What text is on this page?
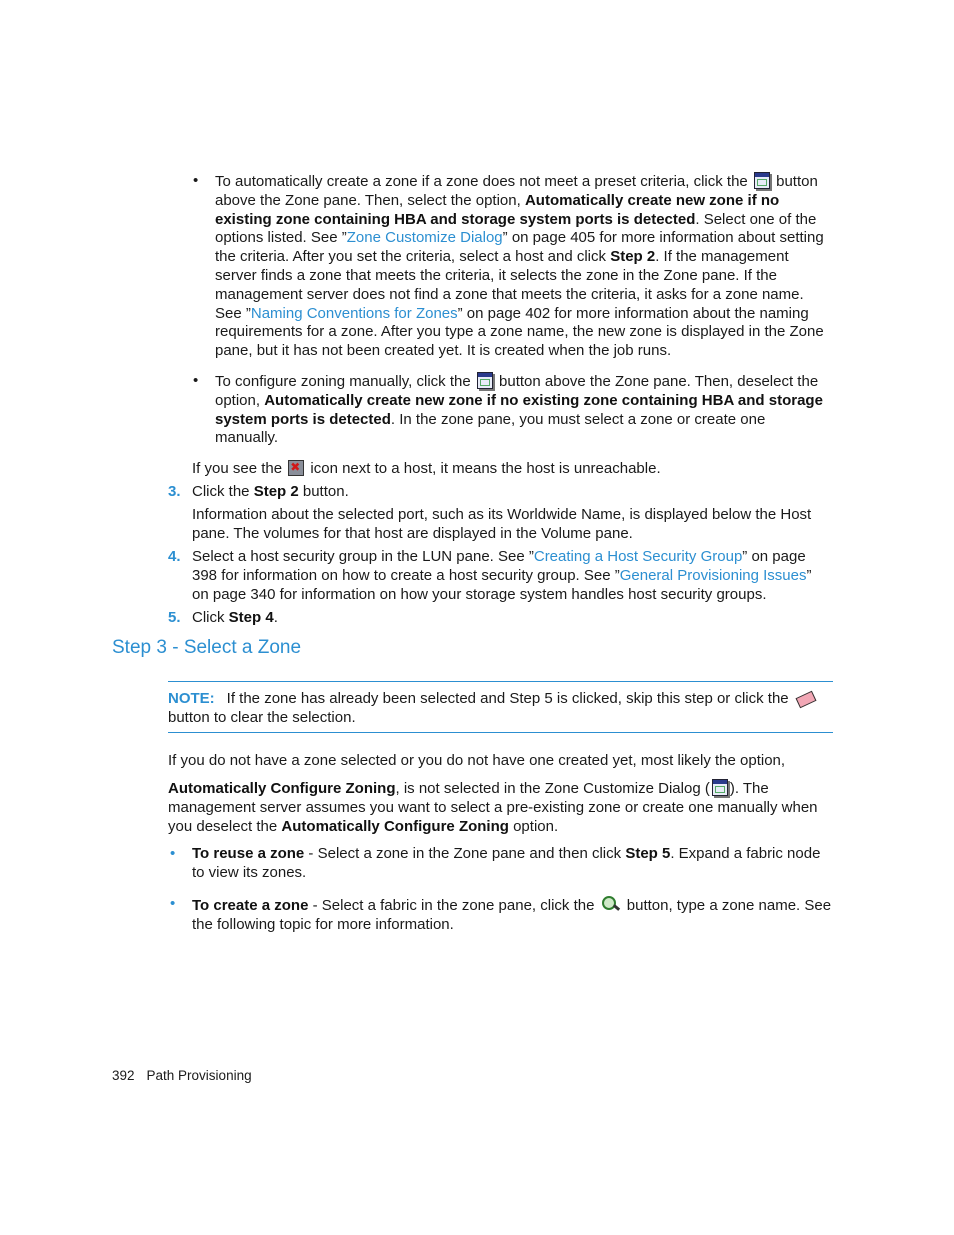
• To automatically create a zone if a zone does not meet a preset criteria, click the  button above the Zone pane. Then, select the option, Automatically create new zone if no existing zone containing HBA and storage system ports is detected. Select one of the options listed. See ”Zone Customize Dialog” on page 405 for more information about setting the criteria. After you set the criteria, select a host and click Step 2. If the management server finds a zone that meets the criteria, it selects the zone in the Zone pane. If the management server does not find a zone that meets the criteria, it asks for a zone name. See ”Naming Conventions for Zones” on page 402 for more information about the naming requirements for a zone. After you type a zone name, the new zone is displayed in the Zone pane, but it has not been created yet. It is created when the job runs.

• To configure zoning manually, click the  button above the Zone pane. Then, deselect the option, Automatically create new zone if no existing zone containing HBA and storage system ports is detected. In the zone pane, you must select a zone or create one manually.

If you see the ✖ icon next to a host, it means the host is unreachable.

3. Click the Step 2 button.

Information about the selected port, such as its Worldwide Name, is displayed below the Host pane. The volumes for that host are displayed in the Volume pane.

4. Select a host security group in the LUN pane. See ”Creating a Host Security Group” on page 398 for information on how to create a host security group. See ”General Provisioning Issues” on page 340 for information on how your storage system handles host security groups.

5. Click Step 4.

Step 3 - Select a Zone

NOTE: If the zone has already been selected and Step 5 is clicked, skip this step or click the  button to clear the selection.

If you do not have a zone selected or you do not have one created yet, most likely the option,

Automatically Configure Zoning, is not selected in the Zone Customize Dialog ( ). The management server assumes you want to select a pre-existing zone or create one manually when you deselect the Automatically Configure Zoning option.

• To reuse a zone - Select a zone in the Zone pane and then click Step 5. Expand a fabric node to view its zones.

• To create a zone - Select a fabric in the zone pane, click the  button, type a zone name. See the following topic for more information.

392 Path Provisioning
